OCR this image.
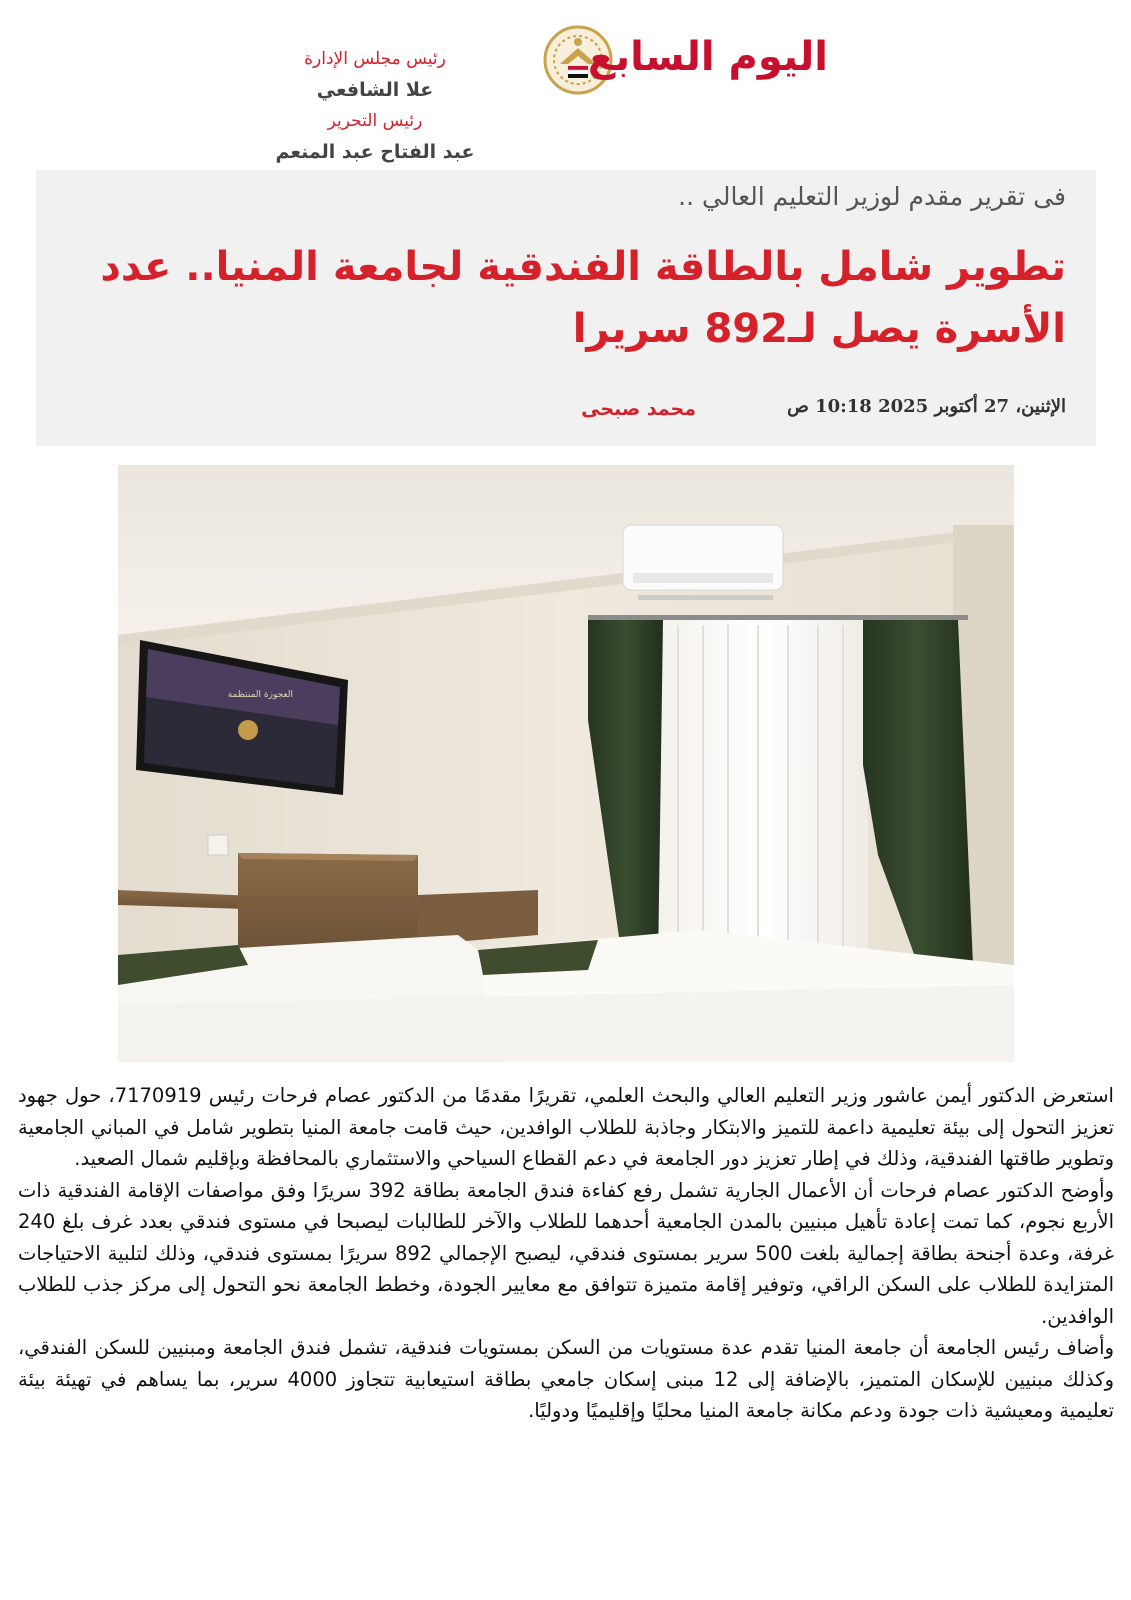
اليوم السابع
رئيس مجلس الإدارة
علا الشافعي
رئيس التحرير
عبد الفتاح عبد المنعم
فى تقرير مقدم لوزير التعليم العالي ..
تطوير شامل بالطاقة الفندقية لجامعة المنيا.. عدد الأسرة يصل لـ892 سريرا
الإثنين، 27 أكتوبر 2025 10:18 ص
محمد صبحى
العجوزة المنتظمة

استعرض الدكتور أيمن عاشور وزير التعليم العالي والبحث العلمي، تقريرًا مقدمًا من الدكتور عصام فرحات رئيس 7170919، حول جهود تعزيز التحول إلى بيئة تعليمية داعمة للتميز والابتكار وجاذبة للطلاب الوافدين، حيث قامت جامعة المنيا بتطوير شامل في المباني الجامعية وتطوير طاقتها الفندقية، وذلك في إطار تعزيز دور الجامعة في دعم القطاع السياحي والاستثماري بالمحافظة وبإقليم شمال الصعيد.

وأوضح الدكتور عصام فرحات أن الأعمال الجارية تشمل رفع كفاءة فندق الجامعة بطاقة 392 سريرًا وفق مواصفات الإقامة الفندقية ذات الأربع نجوم، كما تمت إعادة تأهيل مبنيين بالمدن الجامعية أحدهما للطلاب والآخر للطالبات ليصبحا في مستوى فندقي بعدد غرف بلغ 240 غرفة، وعدة أجنحة بطاقة إجمالية بلغت 500 سرير بمستوى فندقي، ليصبح الإجمالي 892 سريرًا بمستوى فندقي، وذلك لتلبية الاحتياجات المتزايدة للطلاب على السكن الراقي، وتوفير إقامة متميزة تتوافق مع معايير الجودة، وخطط الجامعة نحو التحول إلى مركز جذب للطلاب الوافدين.

وأضاف رئيس الجامعة أن جامعة المنيا تقدم عدة مستويات من السكن بمستويات فندقية، تشمل فندق الجامعة ومبنيين للسكن الفندقي، وكذلك مبنيين للإسكان المتميز، بالإضافة إلى 12 مبنى إسكان جامعي بطاقة استيعابية تتجاوز 4000 سرير، بما يساهم في تهيئة بيئة تعليمية ومعيشية ذات جودة ودعم مكانة جامعة المنيا محليًا وإقليميًا ودوليًا.
